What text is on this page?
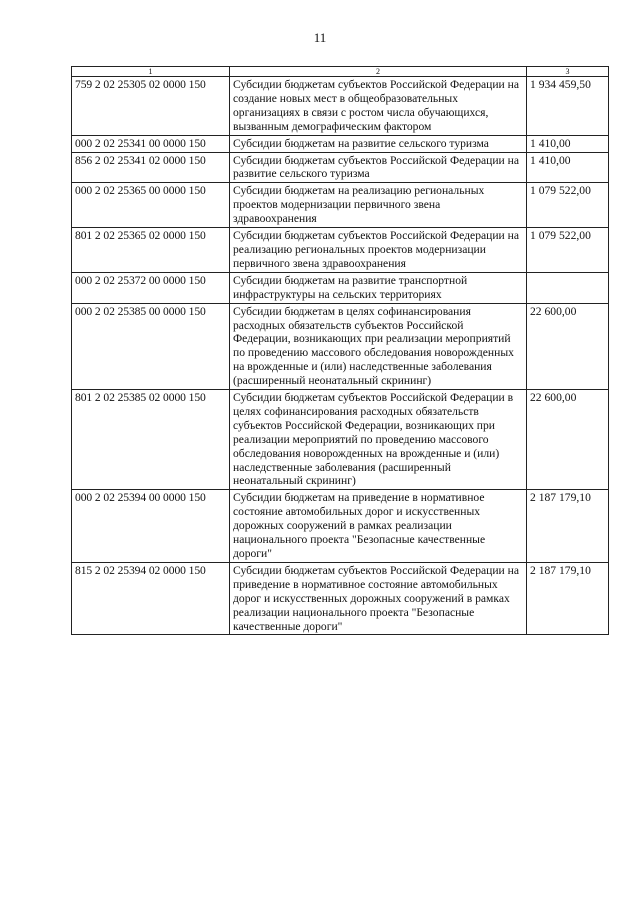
11
1	2	3
759 2 02 25305 02 0000 150	Субсидии бюджетам субъектов Российской Федерации на создание новых мест в общеобразовательных организациях в связи с ростом числа обучающихся, вызванным демографическим фактором	1 934 459,50
000 2 02 25341 00 0000 150	Субсидии бюджетам на развитие сельского туризма	1 410,00
856 2 02 25341 02 0000 150	Субсидии бюджетам субъектов Российской Федерации на развитие сельского туризма	1 410,00
000 2 02 25365 00 0000 150	Субсидии бюджетам на реализацию региональных проектов модернизации первичного звена здравоохранения	1 079 522,00
801 2 02 25365 02 0000 150	Субсидии бюджетам субъектов Российской Федерации на реализацию региональных проектов модернизации первичного звена здравоохранения	1 079 522,00
000 2 02 25372 00 0000 150	Субсидии бюджетам на развитие транспортной инфраструктуры на сельских территориях	
000 2 02 25385 00 0000 150	Субсидии бюджетам в целях софинансирования расходных обязательств субъектов Российской Федерации, возникающих при реализации мероприятий по проведению массового обследования новорожденных на врожденные и (или) наследственные заболевания (расширенный неонатальный скрининг)	22 600,00
801 2 02 25385 02 0000 150	Субсидии бюджетам субъектов Российской Федерации в целях софинансирования расходных обязательств субъектов Российской Федерации, возникающих при реализации мероприятий по проведению массового обследования новорожденных на врожденные и (или) наследственные заболевания (расширенный неонатальный скрининг)	22 600,00
000 2 02 25394 00 0000 150	Субсидии бюджетам на приведение в нормативное состояние автомобильных дорог и искусственных дорожных сооружений в рамках реализации национального проекта "Безопасные качественные дороги"	2 187 179,10
815 2 02 25394 02 0000 150	Субсидии бюджетам субъектов Российской Федерации на приведение в нормативное состояние автомобильных дорог и искусственных дорожных сооружений в рамках реализации национального проекта "Безопасные качественные дороги"	2 187 179,10
